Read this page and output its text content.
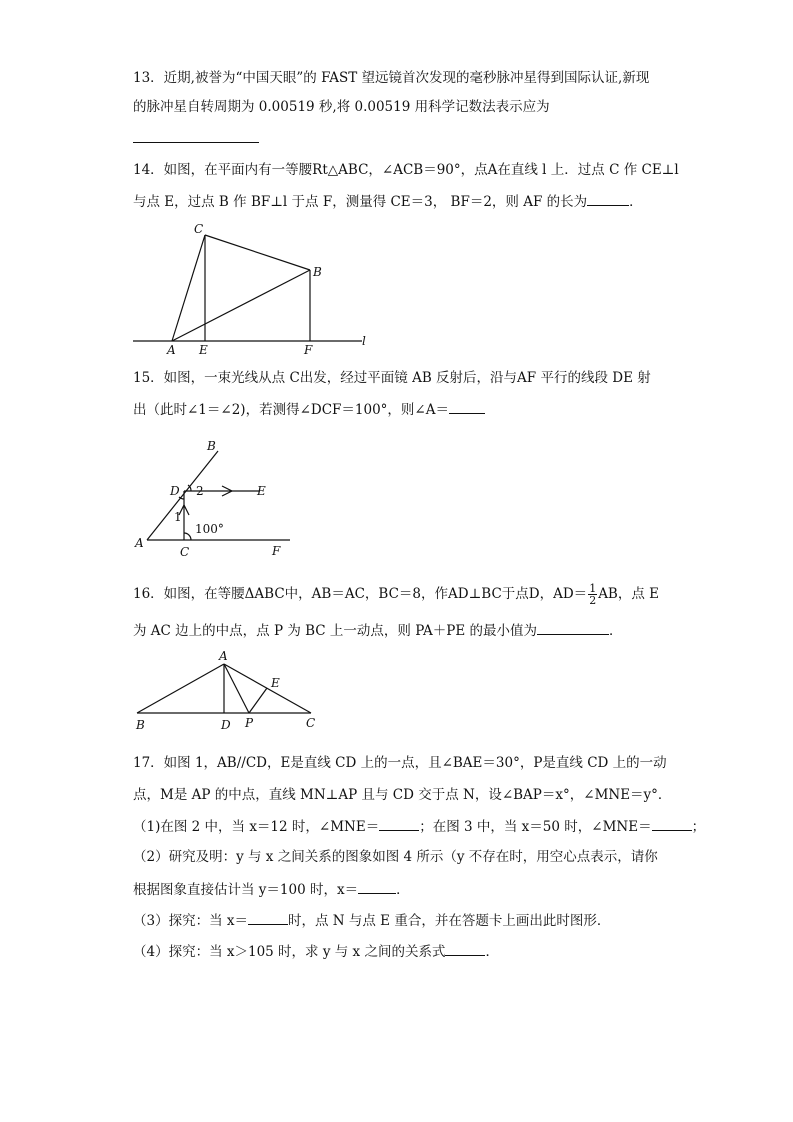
13．近期,被誉为“中国天眼”的 FAST 望远镜首次发现的毫秒脉冲星得到国际认证,新现
的脉冲星自转周期为 0.00519 秒,将 0.00519 用科学记数法表示应为
14．如图，在平面内有一等腰Rt△ABC，∠ACB＝90°，点A在直线 l 上．过点 C 作 CE⊥l
与点 E，过点 B 作 BF⊥l 于点 F，测量得 CE＝3， BF＝2，则 AF 的长为	．
C
B
A E	F
l
15．如图，一束光线从点 C出发，经过平面镜 AB 反射后，沿与AF 平行的线段 DE 射
出（此时∠1＝∠2)，若测得∠DCF＝100°，则∠A＝
B
D 2	E
1
100°
A
C	F
16．如图，在等腰ΔABC中，AB＝AC，BC＝8，作AD⊥BC于点D，$AD= \frac{1}{2}$ AB，点 E
为 AC 边上的中点，点 P 为 BC 上一动点，则 PA＋PE 的最小值为	．
A
E
B	D P	C
17．如图 1，AB//CD，E是直线 CD 上的一点，且∠BAE＝30°，P是直线 CD 上的一动
点，M是 AP 的中点，直线 MN⊥AP 且与 CD 交于点 N，设∠BAP＝x°，∠MNE＝y°．
（1)在图 2 中，当 x＝12 时，∠MNE＝	；在图 3 中，当 x＝50 时，∠MNE＝	；
（2）研究及明：y 与 x 之间关系的图象如图 4 所示（y 不存在时，用空心点表示，请你
根据图象直接估计当 y＝100 时，x＝	．
（3）探究：当 x＝	时，点 N 与点 E 重合，并在答题卡上画出此时图形．
（4）探究：当 x＞105 时，求 y 与 x 之间的关系式	．
